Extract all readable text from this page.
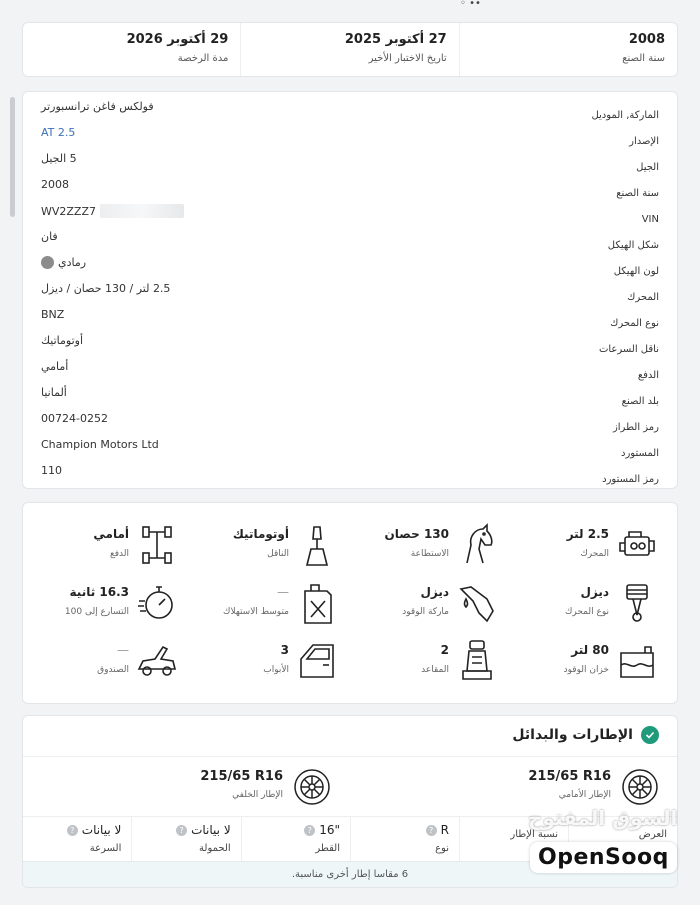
•• ◦
2008
سنة الصنع
27 أكتوبر 2025
تاريخ الاختبار الأخير
29 أكتوبر 2026
مدة الرخصة
الماركة, الموديل
فولكس فاغن ترانسبورتر
الإصدار
AT 2.5
الجيل
5 الجيل
سنة الصنع
2008
VIN
WV2ZZZ7
شكل الهيكل
فان
لون الهيكل
رمادي
المحرك
2.5 لتر / 130 حصان / ديزل
نوع المحرك
BNZ
ناقل السرعات
أوتوماتيك
الدفع
أمامي
بلد الصنع
ألمانيا
رمز الطراز
00724-0252
المستورد
Champion Motors Ltd
رمز المستورد
110
2.5 لتر
المحرك
130 حصان
الاستطاعة
أوتوماتيك
الناقل
أمامي
الدفع
ديزل
نوع المحرك
ديزل
ماركة الوقود
—
متوسط الاستهلاك
16.3 ثانية
التسارع إلى 100
80 لتر
خزان الوقود
2
المقاعد
3
الأبواب
—
الصندوق
الإطارات والبدائل
215/65 R16
الإطار الأمامي
215/65 R16
الإطار الخلفي
العرض
نسبة الإطار
R
?
نوع
16"
?
القطر
لا بيانات
?
الحمولة
لا بيانات
?
السرعة
6 مقاسا إطار أخرى مناسبة.
السوق المفتوح
OpenSooq
